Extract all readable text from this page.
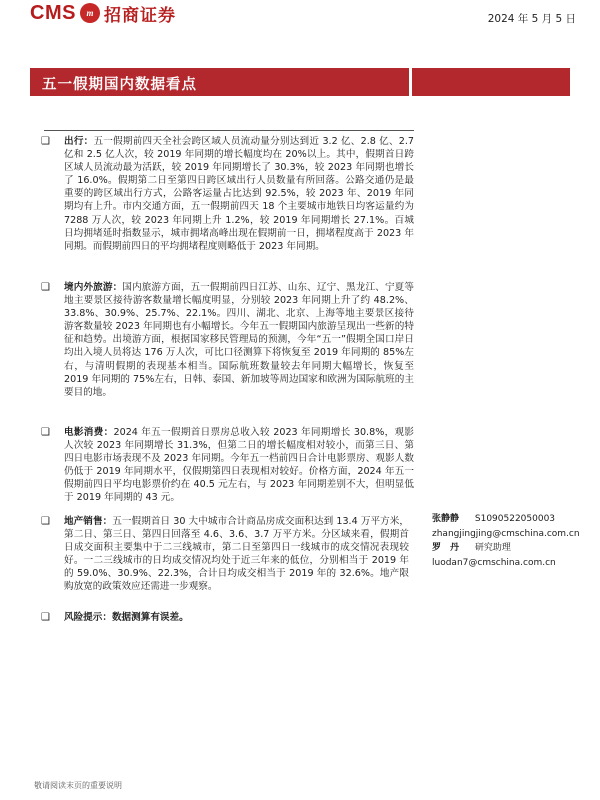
CMS	m 招商证券	2024 年 5 月 5 日
五一假期国内数据看点
❑ 出行：五一假期前四天全社会跨区域人员流动量分别达到近 3.2 亿、2.8 亿、2.7 亿和 2.5 亿人次，较 2019 年同期的增长幅度均在 20%以上。其中，假期首日跨区域人员流动最为活跃，较 2019 年同期增长了 30.3%，较 2023 年同期也增长了 16.0%。假期第二日至第四日跨区域出行人员数量有所回落。公路交通仍是最重要的跨区域出行方式，公路客运量占比达到 92.5%，较 2023 年、2019 年同期均有上升。市内交通方面，五一假期前四天 18 个主要城市地铁日均客运量约为 7288 万人次，较 2023 年同期上升 1.2%，较 2019 年同期增长 27.1%。百城日均拥堵延时指数显示，城市拥堵高峰出现在假期前一日，拥堵程度高于 2023 年同期。而假期前四日的平均拥堵程度则略低于 2023 年同期。
❑ 境内外旅游：国内旅游方面，五一假期前四日江苏、山东、辽宁、黑龙江、宁夏等地主要景区接待游客数量增长幅度明显，分别较 2023 年同期上升了约 48.2%、33.8%、30.9%、25.7%、22.1%。四川、湖北、北京、上海等地主要景区接待游客数量较 2023 年同期也有小幅增长。今年五一假期国内旅游呈现出一些新的特征和趋势。出境游方面，根据国家移民管理局的预测，今年“五一”假期全国口岸日均出入境人员将达 176 万人次，可比口径测算下将恢复至 2019 年同期的 85%左右，与清明假期的表现基本相当。国际航班数量较去年同期大幅增长，恢复至 2019 年同期的 75%左右，日韩、泰国、新加坡等周边国家和欧洲为国际航班的主要目的地。
❑ 电影消费：2024 年五一假期首日票房总收入较 2023 年同期增长 30.8%，观影人次较 2023 年同期增长 31.3%，但第二日的增长幅度相对较小，而第三日、第四日电影市场表现不及 2023 年同期。今年五一档前四日合计电影票房、观影人数仍低于 2019 年同期水平，仅假期第四日表现相对较好。价格方面，2024 年五一假期前四日平均电影票价约在 40.5 元左右，与 2023 年同期差别不大，但明显低于 2019 年同期的 43 元。
❑ 地产销售：五一假期首日 30 大中城市合计商品房成交面积达到 13.4 万平方米，第二日、第三日、第四日回落至 4.6、3.6、3.7 万平方米。分区域来看，假期首日成交面积主要集中于二三线城市，第二日至第四日一线城市的成交情况表现较好。一二三线城市的日均成交情况均处于近三年来的低位，分别相当于 2019 年的 59.0%、30.9%、22.3%，合计日均成交相当于 2019 年的 32.6%。地产限购放宽的政策效应还需进一步观察。
❑ 风险提示：数据测算有误差。
张静静 S1090522050003
zhangjingjing@cmschina.com.cn
罗　丹 研究助理
luodan7@cmschina.com.cn
敬请阅读末页的重要说明
